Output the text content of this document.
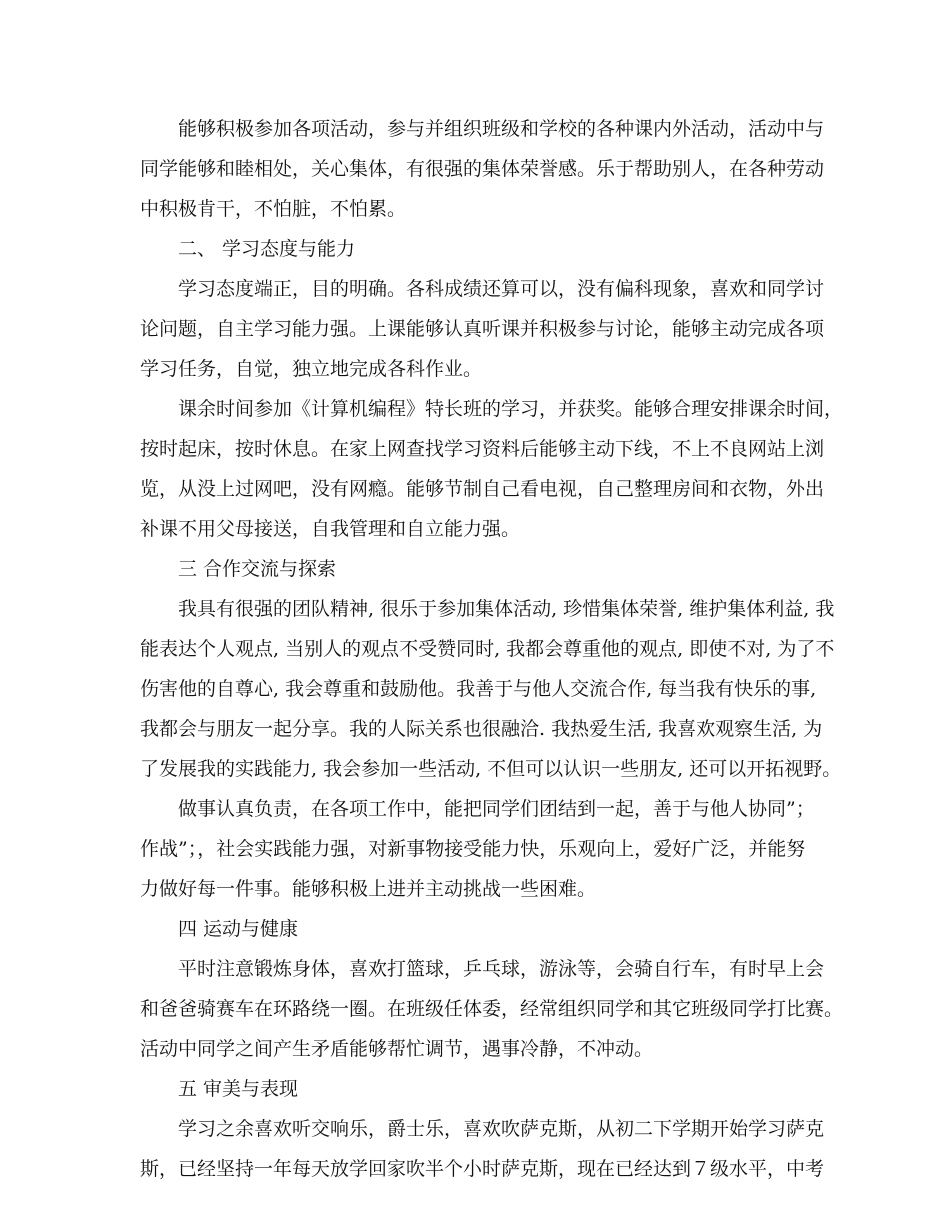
能够积极参加各项活动，参与并组织班级和学校的各种课内外活动，活动中与
同学能够和睦相处，关心集体，有很强的集体荣誉感。乐于帮助别人，在各种劳动
中积极肯干，不怕脏，不怕累。
二、 学习态度与能力
学习态度端正，目的明确。各科成绩还算可以，没有偏科现象，喜欢和同学讨
论问题，自主学习能力强。上课能够认真听课并积极参与讨论，能够主动完成各项
学习任务，自觉，独立地完成各科作业。
课余时间参加《计算机编程》特长班的学习，并获奖。能够合理安排课余时间，
按时起床，按时休息。在家上网查找学习资料后能够主动下线，不上不良网站上浏
览，从没上过网吧，没有网瘾。能够节制自己看电视，自己整理房间和衣物，外出
补课不用父母接送，自我管理和自立能力强。
三 合作交流与探索
我具有很强的团队精神, 很乐于参加集体活动, 珍惜集体荣誉, 维护集体利益, 我
能表达个人观点, 当别人的观点不受赞同时, 我都会尊重他的观点, 即使不对, 为了不
伤害他的自尊心, 我会尊重和鼓励他。我善于与他人交流合作, 每当我有快乐的事,
我都会与朋友一起分享。我的人际关系也很融洽. 我热爱生活, 我喜欢观察生活, 为
了发展我的实践能力, 我会参加一些活动, 不但可以认识一些朋友, 还可以开拓视野。
做事认真负责，在各项工作中，能把同学们团结到一起，善于与他人协同”；
作战”；，社会实践能力强，对新事物接受能力快，乐观向上，爱好广泛，并能努
力做好每一件事。能够积极上进并主动挑战一些困难。
四 运动与健康
平时注意锻炼身体，喜欢打篮球，乒乓球，游泳等，会骑自行车，有时早上会
和爸爸骑赛车在环路绕一圈。在班级任体委，经常组织同学和其它班级同学打比赛。
活动中同学之间产生矛盾能够帮忙调节，遇事冷静，不冲动。
五 审美与表现
学习之余喜欢听交响乐，爵士乐，喜欢吹萨克斯，从初二下学期开始学习萨克
斯，已经坚持一年每天放学回家吹半个小时萨克斯，现在已经达到７级水平，中考
